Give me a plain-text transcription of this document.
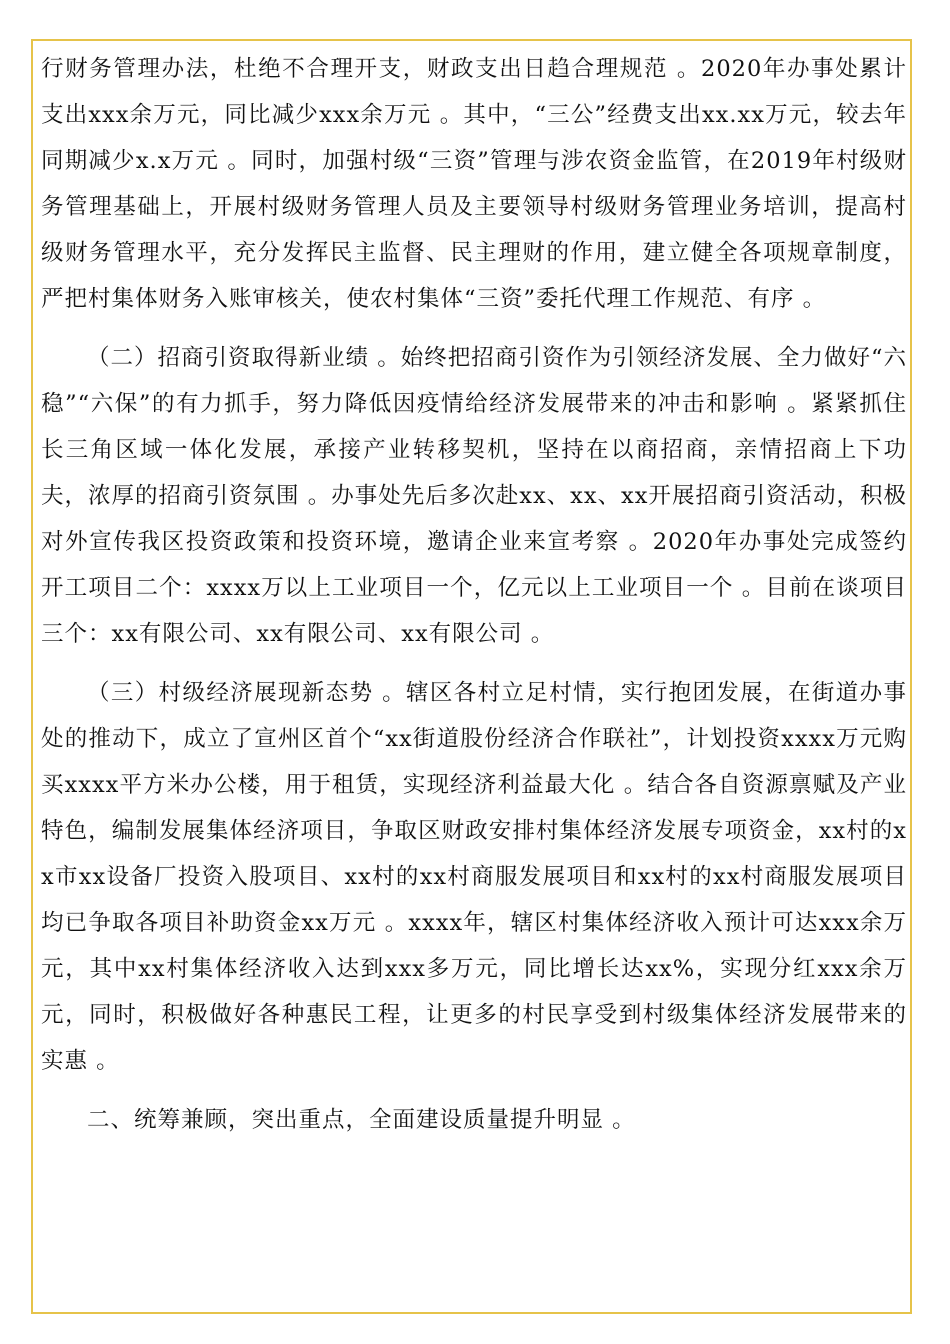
行财务管理办法，杜绝不合理开支，财政支出日趋合理规范 。2020年办事处累计支出xxx余万元，同比减少xxx余万元 。其中，“三公”经费支出xx.xx万元，较去年同期减少x.x万元 。同时，加强村级“三资”管理与涉农资金监管，在2019年村级财务管理基础上，开展村级财务管理人员及主要领导村级财务管理业务培训，提高村级财务管理水平，充分发挥民主监督、民主理财的作用，建立健全各项规章制度，严把村集体财务入账审核关，使农村集体“三资”委托代理工作规范、有序 。

（二）招商引资取得新业绩 。始终把招商引资作为引领经济发展、全力做好“六稳”“六保”的有力抓手，努力降低因疫情给经济发展带来的冲击和影响 。紧紧抓住长三角区域一体化发展，承接产业转移契机，坚持在以商招商，亲情招商上下功夫，浓厚的招商引资氛围 。办事处先后多次赴xx、xx、xx开展招商引资活动，积极对外宣传我区投资政策和投资环境，邀请企业来宣考察 。2020年办事处完成签约开工项目二个：xxxx万以上工业项目一个，亿元以上工业项目一个 。目前在谈项目三个：xx有限公司、xx有限公司、xx有限公司 。

（三）村级经济展现新态势 。辖区各村立足村情，实行抱团发展，在街道办事处的推动下，成立了宣州区首个“xx街道股份经济合作联社”，计划投资xxxx万元购买xxxx平方米办公楼，用于租赁，实现经济利益最大化 。结合各自资源禀赋及产业特色，编制发展集体经济项目，争取区财政安排村集体经济发展专项资金，xx村的xx市xx设备厂投资入股项目、xx村的xx村商服发展项目和xx村的xx村商服发展项目均已争取各项目补助资金xx万元 。xxxx年，辖区村集体经济收入预计可达xxx余万元，其中xx村集体经济收入达到xxx多万元，同比增长达xx%，实现分红xxx余万元，同时，积极做好各种惠民工程，让更多的村民享受到村级集体经济发展带来的实惠 。

二、统筹兼顾，突出重点，全面建设质量提升明显 。
